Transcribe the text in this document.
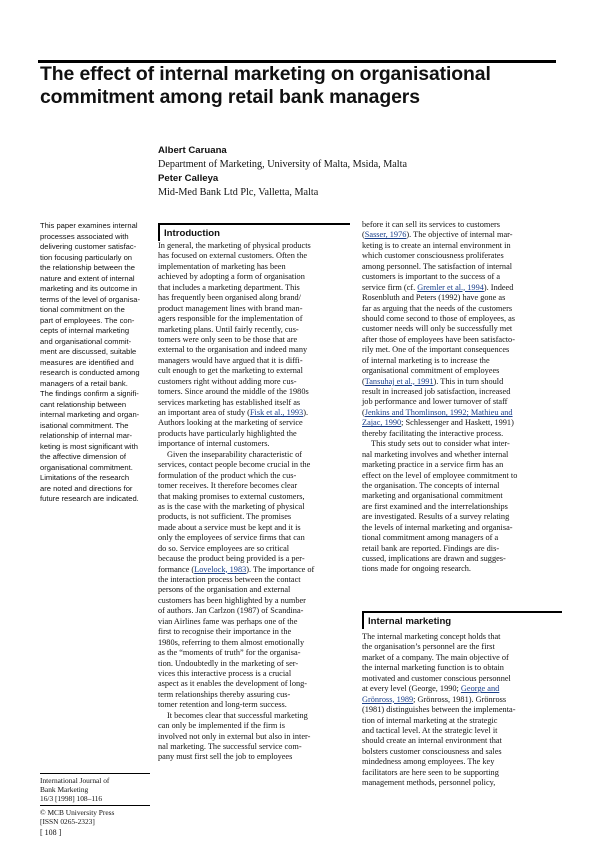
The effect of internal marketing on organisational commitment among retail bank managers
Albert Caruana
Department of Marketing, University of Malta, Msida, Malta
Peter Calleya
Mid-Med Bank Ltd Plc, Valletta, Malta
This paper examines internal
processes associated with
delivering customer satisfac-
tion focusing particularly on
the relationship between the
nature and extent of internal
marketing and its outcome in
terms of the level of organisa-
tional commitment on the
part of employees. The con-
cepts of internal marketing
and organisational commit-
ment are discussed, suitable
measures are identified and
research is conducted among
managers of a retail bank.
The findings confirm a signifi-
cant relationship between
internal marketing and organ-
isational commitment. The
relationship of internal mar-
keting is most significant with
the affective dimension of
organisational commitment.
Limitations of the research
are noted and directions for
future research are indicated.
International Journal of
Bank Marketing
16/3 [1998] 108–116
© MCB University Press
[ISSN 0265-2323]
[ 108 ]
Introduction
In general, the marketing of physical products
has focused on external customers. Often the
implementation of marketing has been
achieved by adopting a form of organisation
that includes a marketing department. This
has frequently been organised along brand/
product management lines with brand man-
agers responsible for the implementation of
marketing plans. Until fairly recently, cus-
tomers were only seen to be those that are
external to the organisation and indeed many
managers would have argued that it is diffi-
cult enough to get the marketing to external
customers right without adding more cus-
tomers. Since around the middle of the 1980s
services marketing has established itself as
an important area of study (Fisk et al., 1993).
Authors looking at the marketing of service
products have particularly highlighted the
importance of internal customers.
Given the inseparability characteristic of
services, contact people become crucial in the
formulation of the product which the cus-
tomer receives. It therefore becomes clear
that making promises to external customers,
as is the case with the marketing of physical
products, is not sufficient. The promises
made about a service must be kept and it is
only the employees of service firms that can
do so. Service employees are so critical
because the product being provided is a per-
formance (Lovelock, 1983). The importance of
the interaction process between the contact
persons of the organisation and external
customers has been highlighted by a number
of authors. Jan Carlzon (1987) of Scandina-
vian Airlines fame was perhaps one of the
first to recognise their importance in the
1980s, referring to them almost emotionally
as the “moments of truth” for the organisa-
tion. Undoubtedly in the marketing of ser-
vices this interactive process is a crucial
aspect as it enables the development of long-
term relationships thereby assuring cus-
tomer retention and long-term success.
It becomes clear that successful marketing
can only be implemented if the firm is
involved not only in external but also in inter-
nal marketing. The successful service com-
pany must first sell the job to employees
before it can sell its services to customers
(Sasser, 1976). The objective of internal mar-
keting is to create an internal environment in
which customer consciousness proliferates
among personnel. The satisfaction of internal
customers is important to the success of a
service firm (cf. Gremler et al., 1994). Indeed
Rosenbluth and Peters (1992) have gone as
far as arguing that the needs of the customers
should come second to those of employees, as
customer needs will only be successfully met
after those of employees have been satisfacto-
rily met. One of the important consequences
of internal marketing is to increase the
organisational commitment of employees
(Tansuhaj et al., 1991). This in turn should
result in increased job satisfaction, increased
job performance and lower turnover of staff
(Jenkins and Thomlinson, 1992; Mathieu and
Zajac, 1990; Schlessenger and Haskett, 1991)
thereby facilitating the interactive process.
This study sets out to consider what inter-
nal marketing involves and whether internal
marketing practice in a service firm has an
effect on the level of employee commitment to
the organisation. The concepts of internal
marketing and organisational commitment
are first examined and the interrelationships
are investigated. Results of a survey relating
the levels of internal marketing and organisa-
tional commitment among managers of a
retail bank are reported. Findings are dis-
cussed, implications are drawn and sugges-
tions made for ongoing research.
Internal marketing
The internal marketing concept holds that
the organisation’s personnel are the first
market of a company. The main objective of
the internal marketing function is to obtain
motivated and customer conscious personnel
at every level (George, 1990; George and
Grönross, 1989; Grönross, 1981). Grönross
(1981) distinguishes between the implementa-
tion of internal marketing at the strategic
and tactical level. At the strategic level it
should create an internal environment that
bolsters customer consciousness and sales
mindedness among employees. The key
facilitators are here seen to be supporting
management methods, personnel policy,
